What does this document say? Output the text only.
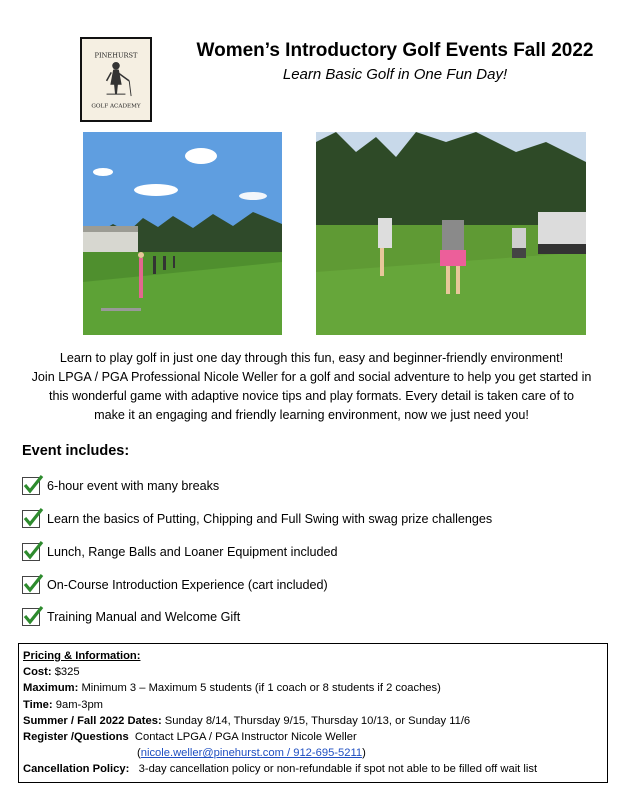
PINEHURST
GOLF ACADEMY
Women’s Introductory Golf Events Fall 2022
Learn Basic Golf in One Fun Day!
Learn to play golf in just one day through this fun, easy and beginner-friendly environment!
Join LPGA / PGA Professional Nicole Weller for a golf and social adventure to help you get started in
this wonderful game with adaptive novice tips and play formats. Every detail is taken care of to
make it an engaging and friendly learning environment, now we just need you!
Event includes:
6-hour event with many breaks
Learn the basics of Putting, Chipping and Full Swing with swag prize challenges
Lunch, Range Balls and Loaner Equipment included
On-Course Introduction Experience (cart included)
Training Manual and Welcome Gift
Pricing & Information:
Cost: $325
Maximum: Minimum 3 – Maximum 5 students (if 1 coach or 8 students if 2 coaches)
Time: 9am-3pm
Summer / Fall 2022 Dates: Sunday 8/14, Thursday 9/15, Thursday 10/13, or Sunday 11/6
Register /Questions Contact LPGA / PGA Instructor Nicole Weller
(nicole.weller@pinehurst.com / 912-695-5211)
Cancellation Policy: 3-day cancellation policy or non-refundable if spot not able to be filled off wait list
